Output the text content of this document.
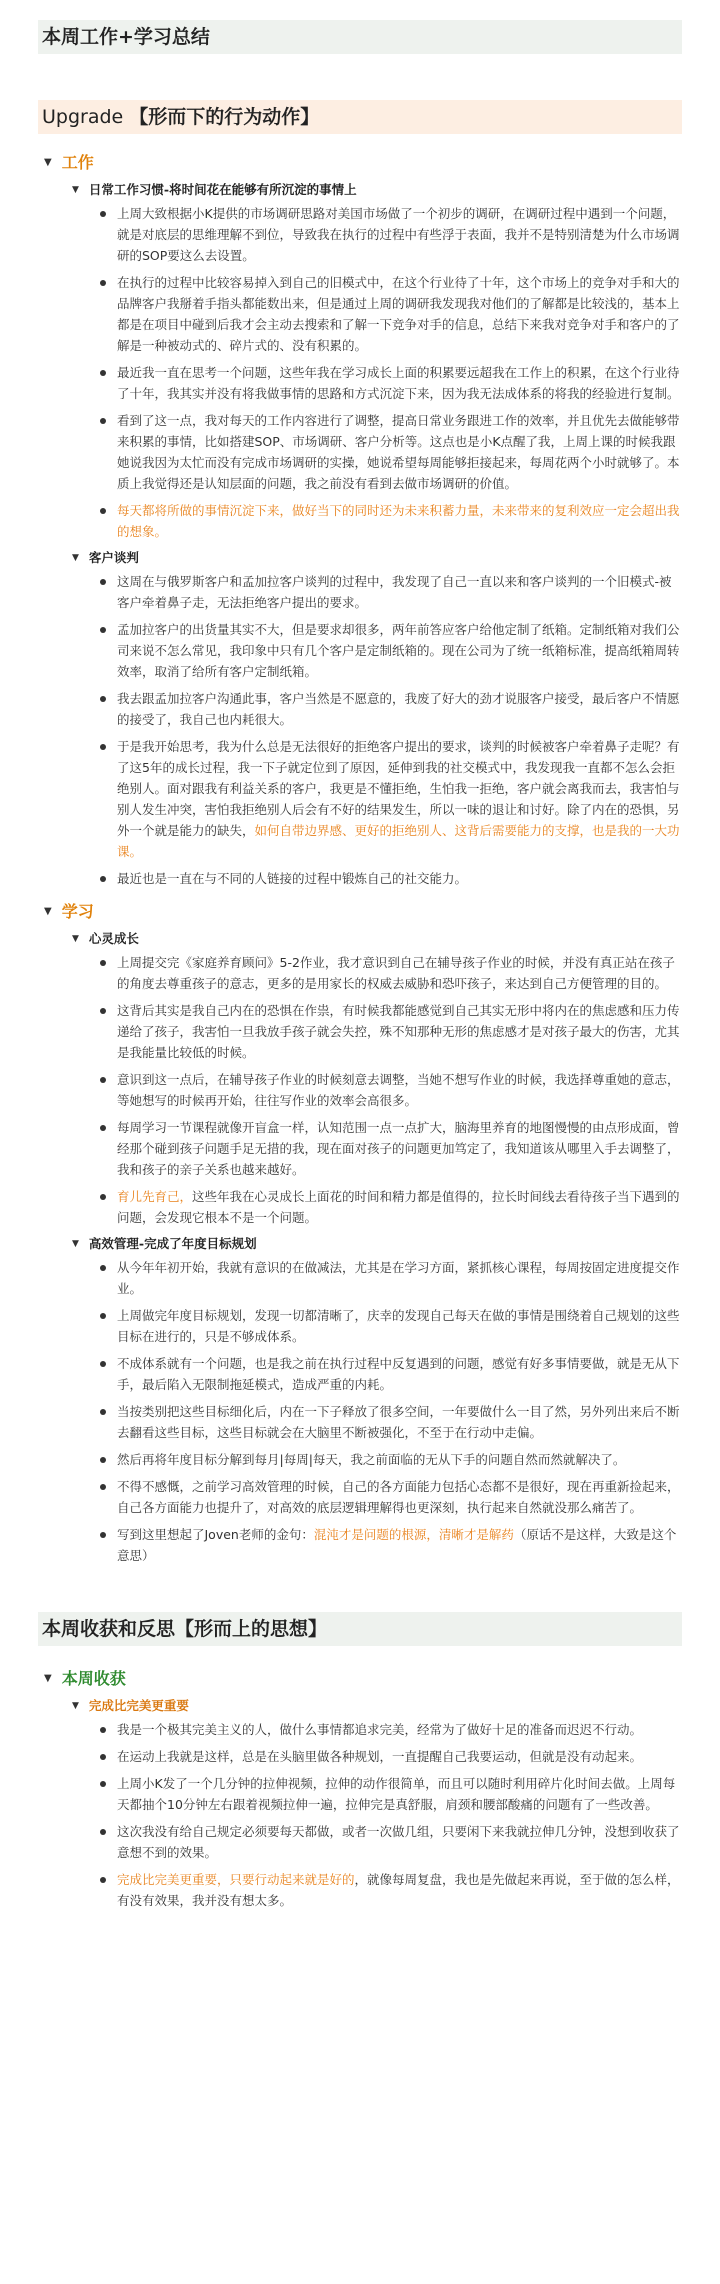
本周工作+学习总结
Upgrade 【形而下的行为动作】
▼ 工作
▼ 日常工作习惯-将时间花在能够有所沉淀的事情上
上周大致根据小K提供的市场调研思路对美国市场做了一个初步的调研，在调研过程中遇到一个问题，就是对底层的思维理解不到位，导致我在执行的过程中有些浮于表面，我并不是特别清楚为什么市场调研的SOP要这么去设置。
在执行的过程中比较容易掉入到自己的旧模式中，在这个行业待了十年，这个市场上的竞争对手和大的品牌客户我掰着手指头都能数出来，但是通过上周的调研我发现我对他们的了解都是比较浅的，基本上都是在项目中碰到后我才会主动去搜索和了解一下竞争对手的信息，总结下来我对竞争对手和客户的了解是一种被动式的、碎片式的、没有积累的。
最近我一直在思考一个问题，这些年我在学习成长上面的积累要远超我在工作上的积累，在这个行业待了十年，我其实并没有将我做事情的思路和方式沉淀下来，因为我无法成体系的将我的经验进行复制。
看到了这一点，我对每天的工作内容进行了调整，提高日常业务跟进工作的效率，并且优先去做能够带来积累的事情，比如搭建SOP、市场调研、客户分析等。这点也是小K点醒了我，上周上课的时候我跟她说我因为太忙而没有完成市场调研的实操，她说希望每周能够拒接起来，每周花两个小时就够了。本质上我觉得还是认知层面的问题，我之前没有看到去做市场调研的价值。
每天都将所做的事情沉淀下来，做好当下的同时还为未来积蓄力量，未来带来的复利效应一定会超出我的想象。
▼ 客户谈判
这周在与俄罗斯客户和孟加拉客户谈判的过程中，我发现了自己一直以来和客户谈判的一个旧模式-被客户牵着鼻子走，无法拒绝客户提出的要求。
孟加拉客户的出货量其实不大，但是要求却很多，两年前答应客户给他定制了纸箱。定制纸箱对我们公司来说不怎么常见，我印象中只有几个客户是定制纸箱的。现在公司为了统一纸箱标准，提高纸箱周转效率，取消了给所有客户定制纸箱。
我去跟孟加拉客户沟通此事，客户当然是不愿意的，我废了好大的劲才说服客户接受，最后客户不情愿的接受了，我自己也内耗很大。
于是我开始思考，我为什么总是无法很好的拒绝客户提出的要求，谈判的时候被客户牵着鼻子走呢？有了这5年的成长过程，我一下子就定位到了原因，延伸到我的社交模式中，我发现我一直都不怎么会拒绝别人。面对跟我有利益关系的客户，我更是不懂拒绝，生怕我一拒绝，客户就会离我而去，我害怕与别人发生冲突，害怕我拒绝别人后会有不好的结果发生，所以一味的退让和讨好。除了内在的恐惧，另外一个就是能力的缺失，如何自带边界感、更好的拒绝别人、这背后需要能力的支撑，也是我的一大功课。
最近也是一直在与不同的人链接的过程中锻炼自己的社交能力。
▼ 学习
▼ 心灵成长
上周提交完《家庭养育顾问》5-2作业，我才意识到自己在辅导孩子作业的时候，并没有真正站在孩子的角度去尊重孩子的意志，更多的是用家长的权威去威胁和恐吓孩子，来达到自己方便管理的目的。
这背后其实是我自己内在的恐惧在作祟，有时候我都能感觉到自己其实无形中将内在的焦虑感和压力传递给了孩子，我害怕一旦我放手孩子就会失控，殊不知那种无形的焦虑感才是对孩子最大的伤害，尤其是我能量比较低的时候。
意识到这一点后，在辅导孩子作业的时候刻意去调整，当她不想写作业的时候，我选择尊重她的意志，等她想写的时候再开始，往往写作业的效率会高很多。
每周学习一节课程就像开盲盒一样，认知范围一点一点扩大，脑海里养育的地图慢慢的由点形成面，曾经那个碰到孩子问题手足无措的我，现在面对孩子的问题更加笃定了，我知道该从哪里入手去调整了，我和孩子的亲子关系也越来越好。
育儿先育己，这些年我在心灵成长上面花的时间和精力都是值得的，拉长时间线去看待孩子当下遇到的问题，会发现它根本不是一个问题。
▼ 高效管理-完成了年度目标规划
从今年年初开始，我就有意识的在做减法，尤其是在学习方面，紧抓核心课程，每周按固定进度提交作业。
上周做完年度目标规划，发现一切都清晰了，庆幸的发现自己每天在做的事情是围绕着自己规划的这些目标在进行的，只是不够成体系。
不成体系就有一个问题，也是我之前在执行过程中反复遇到的问题，感觉有好多事情要做，就是无从下手，最后陷入无限制拖延模式，造成严重的内耗。
当按类别把这些目标细化后，内在一下子释放了很多空间，一年要做什么一目了然，另外列出来后不断去翻看这些目标，这些目标就会在大脑里不断被强化，不至于在行动中走偏。
然后再将年度目标分解到每月|每周|每天，我之前面临的无从下手的问题自然而然就解决了。
不得不感慨，之前学习高效管理的时候，自己的各方面能力包括心态都不是很好，现在再重新捡起来，自己各方面能力也提升了，对高效的底层逻辑理解得也更深刻，执行起来自然就没那么痛苦了。
写到这里想起了Joven老师的金句：混沌才是问题的根源，清晰才是解药（原话不是这样，大致是这个意思）
本周收获和反思【形而上的思想】
▼ 本周收获
▼ 完成比完美更重要
我是一个极其完美主义的人，做什么事情都追求完美，经常为了做好十足的准备而迟迟不行动。
在运动上我就是这样，总是在头脑里做各种规划，一直提醒自己我要运动，但就是没有动起来。
上周小K发了一个几分钟的拉伸视频，拉伸的动作很简单，而且可以随时利用碎片化时间去做。上周每天都抽个10分钟左右跟着视频拉伸一遍，拉伸完是真舒服，肩颈和腰部酸痛的问题有了一些改善。
这次我没有给自己规定必须要每天都做，或者一次做几组，只要闲下来我就拉伸几分钟，没想到收获了意想不到的效果。
完成比完美更重要，只要行动起来就是好的，就像每周复盘，我也是先做起来再说，至于做的怎么样，有没有效果，我并没有想太多。
